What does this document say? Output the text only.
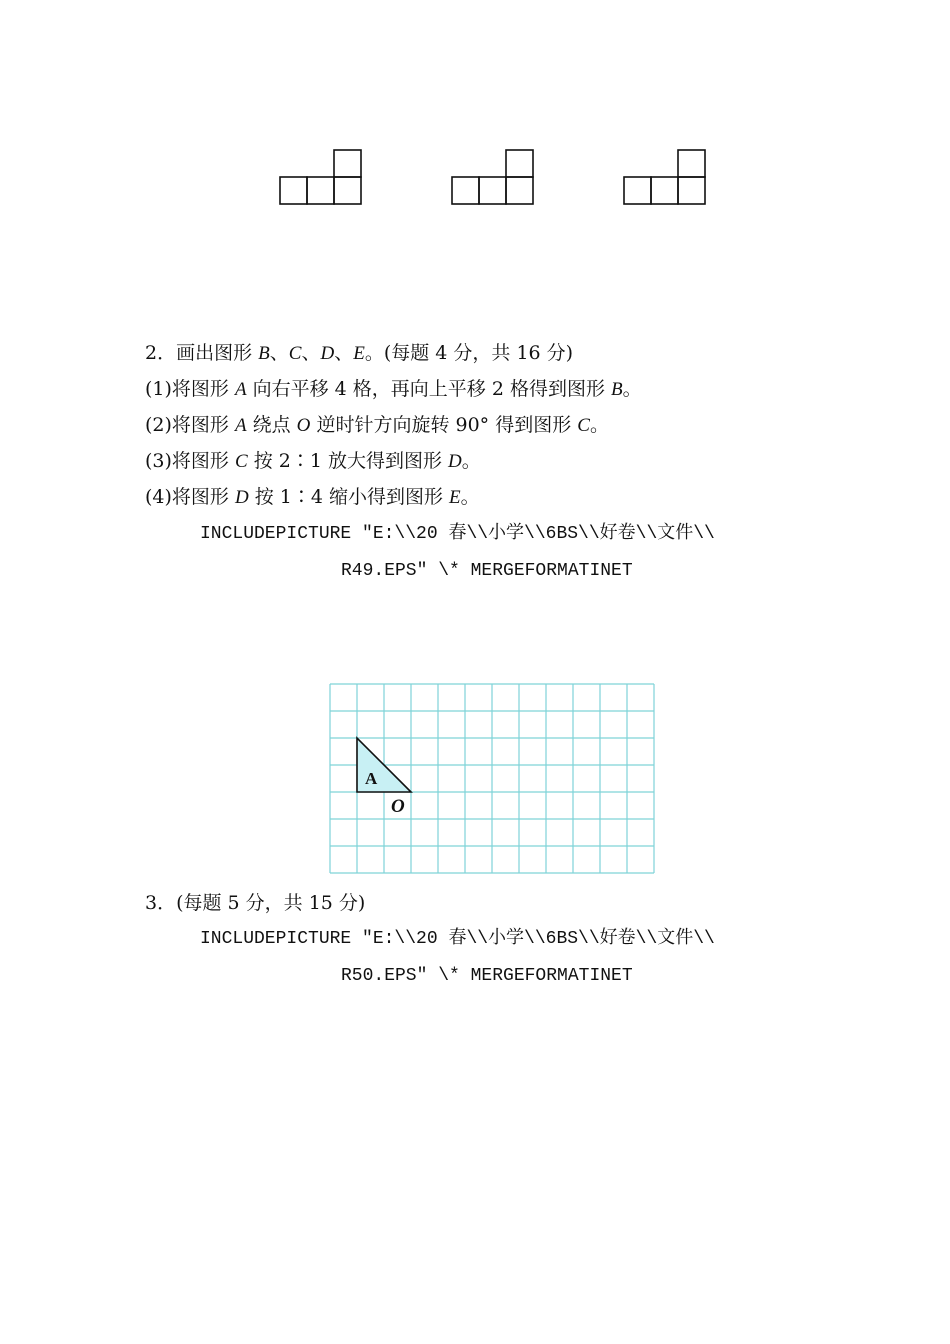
2．画出图形 B、C、D、E。(每题 4 分，共 16 分)
(1)将图形 A 向右平移 4 格，再向上平移 2 格得到图形 B。
(2)将图形 A 绕点 O 逆时针方向旋转 90° 得到图形 C。
(3)将图形 C 按 2∶1 放大得到图形 D。
(4)将图形 D 按 1∶4 缩小得到图形 E。
INCLUDEPICTURE "E:\\20 春\\小学\\6BS\\好卷\\文件\\
R49.EPS" \* MERGEFORMATINET
A
O
3．(每题 5 分，共 15 分)
INCLUDEPICTURE "E:\\20 春\\小学\\6BS\\好卷\\文件\\
R50.EPS" \* MERGEFORMATINET
